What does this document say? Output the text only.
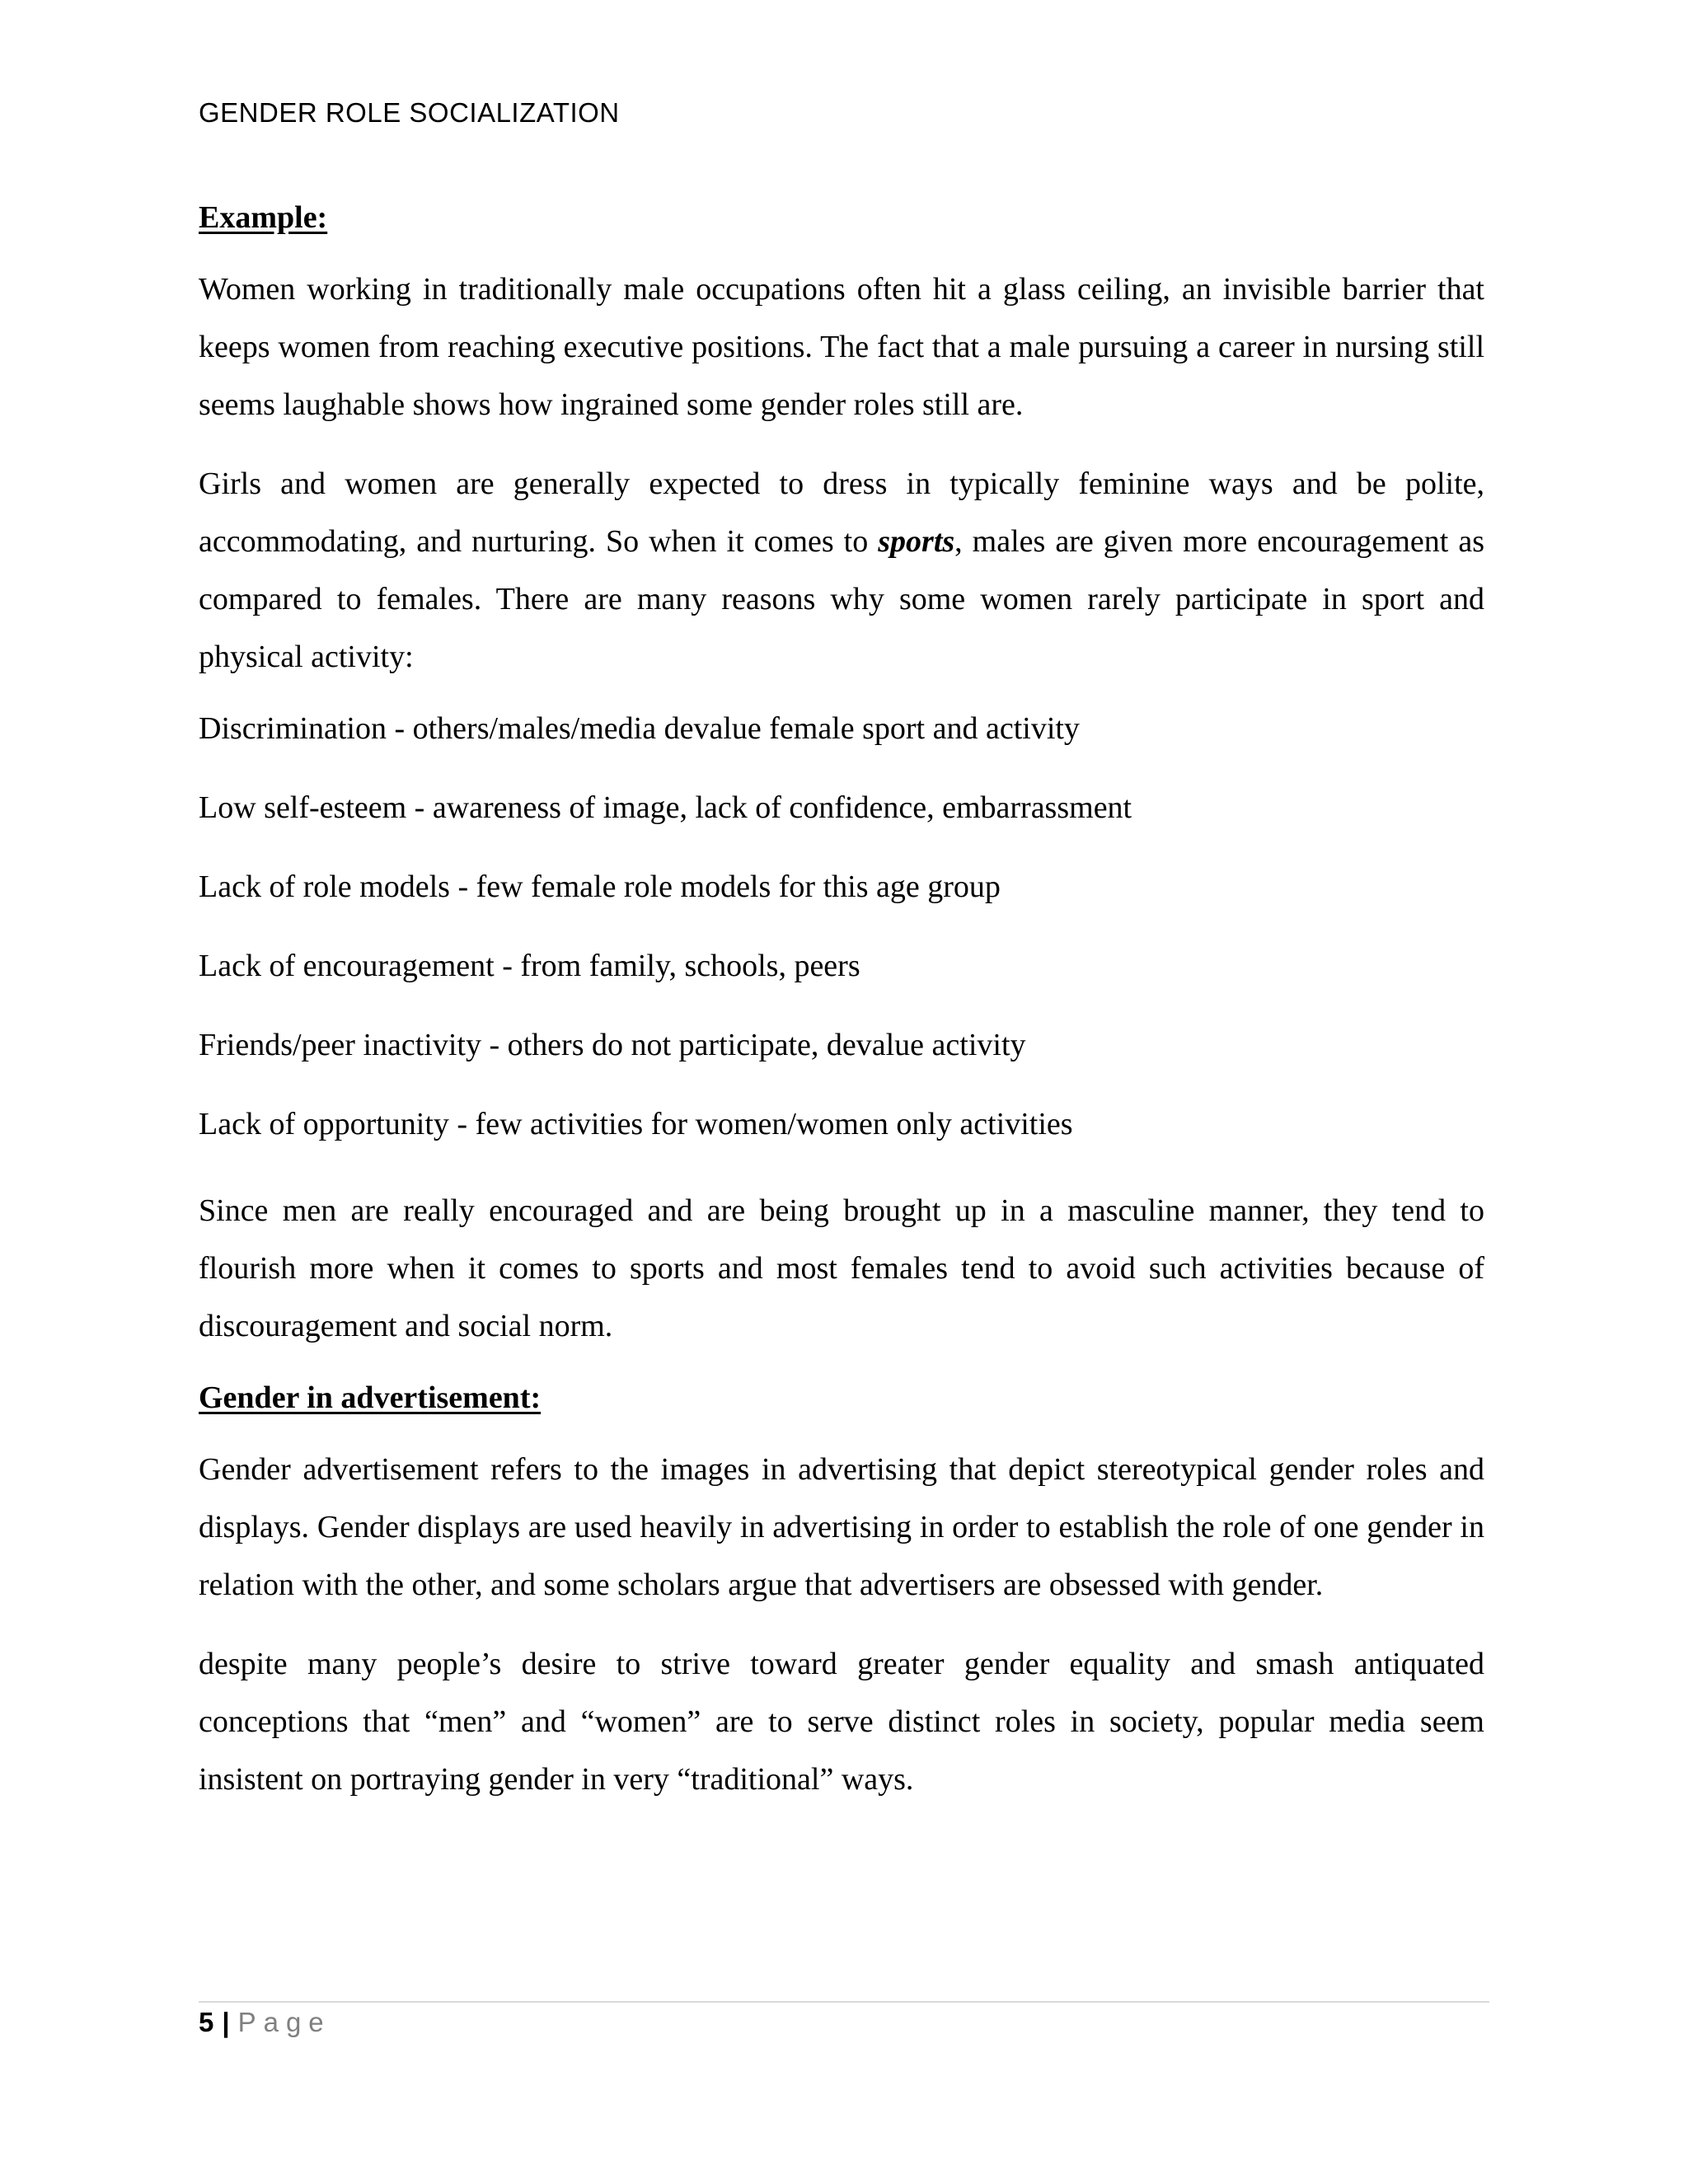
GENDER ROLE SOCIALIZATION
Example:

Women working in traditionally male occupations often hit a glass ceiling, an invisible barrier that keeps women from reaching executive positions. The fact that a male pursuing a career in nursing still seems laughable shows how ingrained some gender roles still are.

Girls and women are generally expected to dress in typically feminine ways and be polite, accommodating, and nurturing. So when it comes to sports, males are given more encouragement as compared to females. There are many reasons why some women rarely participate in sport and physical activity:

Discrimination - others/males/media devalue female sport and activity
Low self-esteem - awareness of image, lack of confidence, embarrassment
Lack of role models - few female role models for this age group
Lack of encouragement - from family, schools, peers
Friends/peer inactivity - others do not participate, devalue activity
Lack of opportunity - few activities for women/women only activities

Since men are really encouraged and are being brought up in a masculine manner, they tend to flourish more when it comes to sports and most females tend to avoid such activities because of discouragement and social norm.

Gender in advertisement:

Gender advertisement refers to the images in advertising that depict stereotypical gender roles and displays. Gender displays are used heavily in advertising in order to establish the role of one gender in relation with the other, and some scholars argue that advertisers are obsessed with gender.

despite many people’s desire to strive toward greater gender equality and smash antiquated conceptions that “men” and “women” are to serve distinct roles in society, popular media seem insistent on portraying gender in very “traditional” ways.

5 | Page
